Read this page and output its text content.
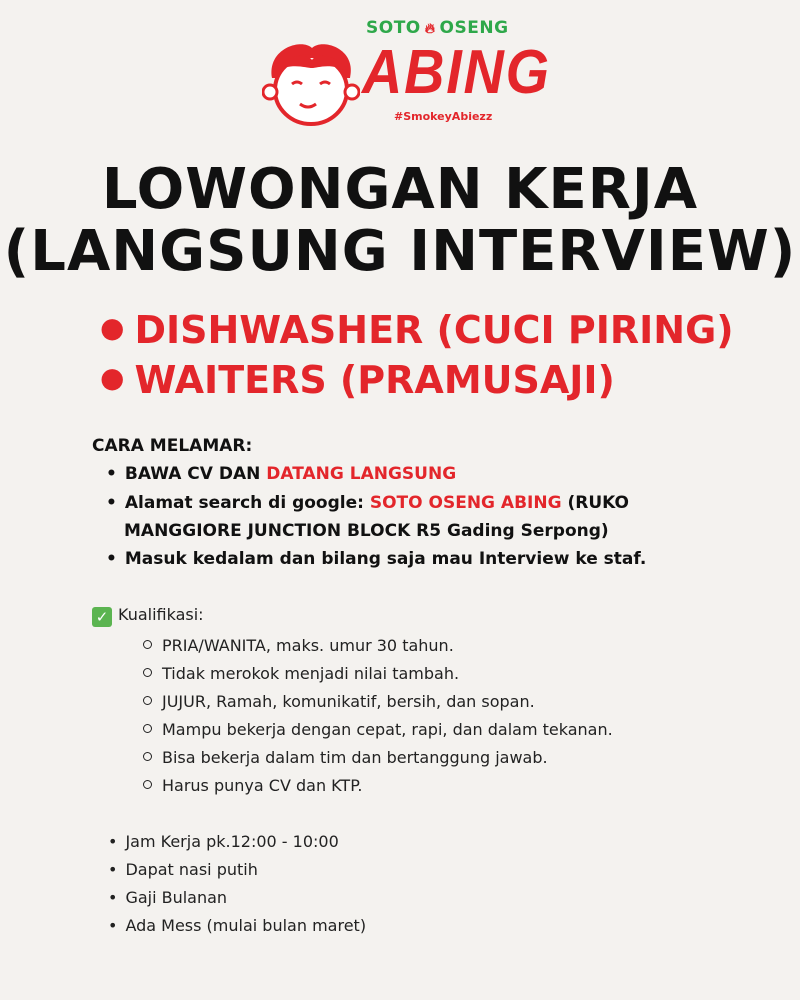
SOTO 🔥︎ OSENG
ABING
#SmokeyAbiezz
LOWONGAN KERJA
(LANGSUNG INTERVIEW)
● DISHWASHER (CUCI PIRING)
● WAITERS (PRAMUSAJI)
CARA MELAMAR:
• BAWA CV DAN DATANG LANGSUNG
• Alamat search di google: SOTO OSENG ABING (RUKO
MANGGIORE JUNCTION BLOCK R5 Gading Serpong)
• Masuk kedalam dan bilang saja mau Interview ke staf.
✓ Kualifikasi:
PRIA/WANITA, maks. umur 30 tahun.
Tidak merokok menjadi nilai tambah.
JUJUR, Ramah, komunikatif, bersih, dan sopan.
Mampu bekerja dengan cepat, rapi, dan dalam tekanan.
Bisa bekerja dalam tim dan bertanggung jawab.
Harus punya CV dan KTP.
• Jam Kerja pk.12:00 - 10:00
• Dapat nasi putih
• Gaji Bulanan
• Ada Mess (mulai bulan maret)
